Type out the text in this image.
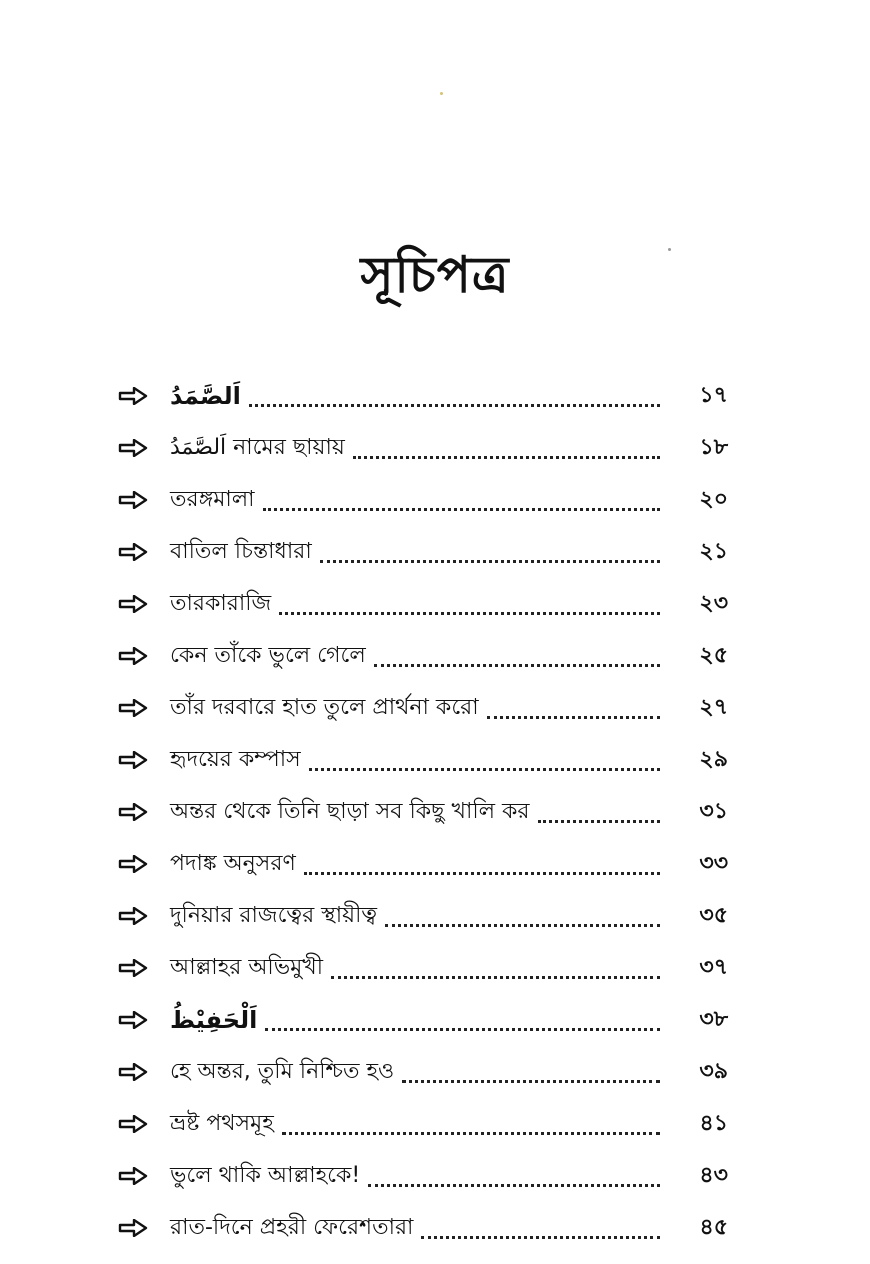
সূচিপত্র
اَلصَّمَدُ	১৭
اَلصَّمَدُ নামের ছায়ায়	১৮
তরঙ্গমালা	২০
বাতিল চিন্তাধারা	২১
তারকারাজি	২৩
কেন তাঁকে ভুলে গেলে	২৫
তাঁর দরবারে হাত তুলে প্রার্থনা করো	২৭
হৃদয়ের কম্পাস	২৯
অন্তর থেকে তিনি ছাড়া সব কিছু খালি কর	৩১
পদাঙ্ক অনুসরণ	৩৩
দুনিয়ার রাজত্বের স্থায়ীত্ব	৩৫
আল্লাহর অভিমুখী	৩৭
اَلْحَفِيْظُ	৩৮
হে অন্তর, তুমি নিশ্চিত হও	৩৯
ভ্রষ্ট পথসমূহ	৪১
ভুলে থাকি আল্লাহকে!	৪৩
রাত-দিনে প্রহরী ফেরেশতারা	৪৫
